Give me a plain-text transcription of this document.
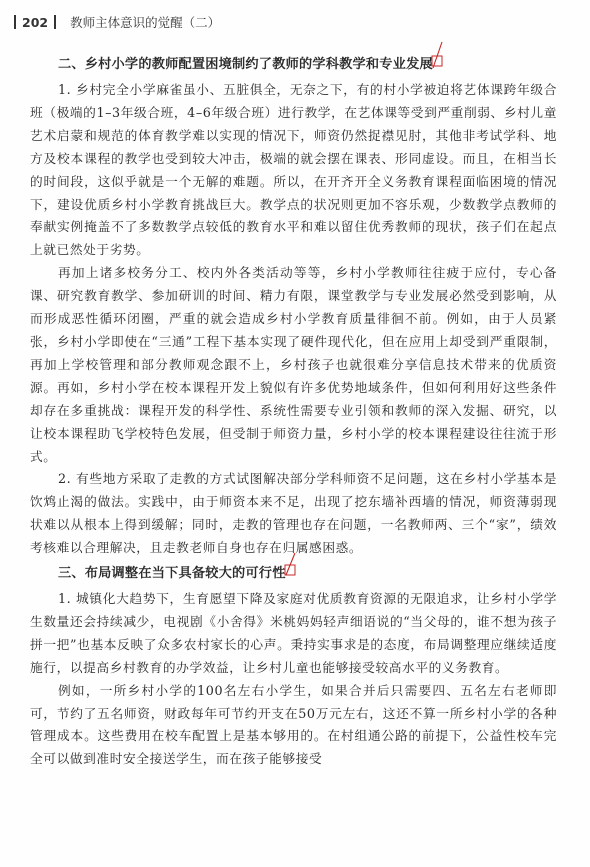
202 教师主体意识的觉醒（二）
二、乡村小学的教师配置困境制约了教师的学科教学和专业发展

1. 乡村完全小学麻雀虽小、五脏俱全，无奈之下，有的村小学被迫将艺体课跨年级合班（极端的1–3年级合班，4–6年级合班）进行教学，在艺体课等受到严重削弱、乡村儿童艺术启蒙和规范的体育教学难以实现的情况下，师资仍然捉襟见肘，其他非考试学科、地方及校本课程的教学也受到较大冲击，极端的就会摆在课表、形同虚设。而且，在相当长的时间段，这似乎就是一个无解的难题。所以，在开齐开全义务教育课程面临困境的情况下，建设优质乡村小学教育挑战巨大。教学点的状况则更加不容乐观，少数教学点教师的奉献实例掩盖不了多数教学点较低的教育水平和难以留住优秀教师的现状，孩子们在起点上就已然处于劣势。

再加上诸多校务分工、校内外各类活动等等，乡村小学教师往往疲于应付，专心备课、研究教育教学、参加研训的时间、精力有限，课堂教学与专业发展必然受到影响，从而形成恶性循环闭圈，严重的就会造成乡村小学教育质量徘徊不前。例如，由于人员紧张，乡村小学即使在“三通”工程下基本实现了硬件现代化，但在应用上却受到严重限制，再加上学校管理和部分教师观念跟不上，乡村孩子也就很难分享信息技术带来的优质资源。再如，乡村小学在校本课程开发上貌似有许多优势地域条件，但如何利用好这些条件却存在多重挑战：课程开发的科学性、系统性需要专业引领和教师的深入发掘、研究，以让校本课程助飞学校特色发展，但受制于师资力量，乡村小学的校本课程建设往往流于形式。

2. 有些地方采取了走教的方式试图解决部分学科师资不足问题，这在乡村小学基本是饮鸩止渴的做法。实践中，由于师资本来不足，出现了挖东墙补西墙的情况，师资薄弱现状难以从根本上得到缓解；同时，走教的管理也存在问题，一名教师两、三个“家”，绩效考核难以合理解决，且走教老师自身也存在归属感困惑。

三、布局调整在当下具备较大的可行性

1. 城镇化大趋势下，生育愿望下降及家庭对优质教育资源的无限追求，让乡村小学学生数量还会持续减少，电视剧《小舍得》米桃妈妈轻声细语说的“当父母的，谁不想为孩子拼一把”也基本反映了众多农村家长的心声。秉持实事求是的态度，布局调整理应继续适度施行，以提高乡村教育的办学效益，让乡村儿童也能够接受较高水平的义务教育。

例如，一所乡村小学的100名左右小学生，如果合并后只需要四、五名左右老师即可，节约了五名师资，财政每年可节约开支在50万元左右，这还不算一所乡村小学的各种管理成本。这些费用在校车配置上是基本够用的。在村组通公路的前提下，公益性校车完全可以做到准时安全接送学生，而在孩子能够接受
